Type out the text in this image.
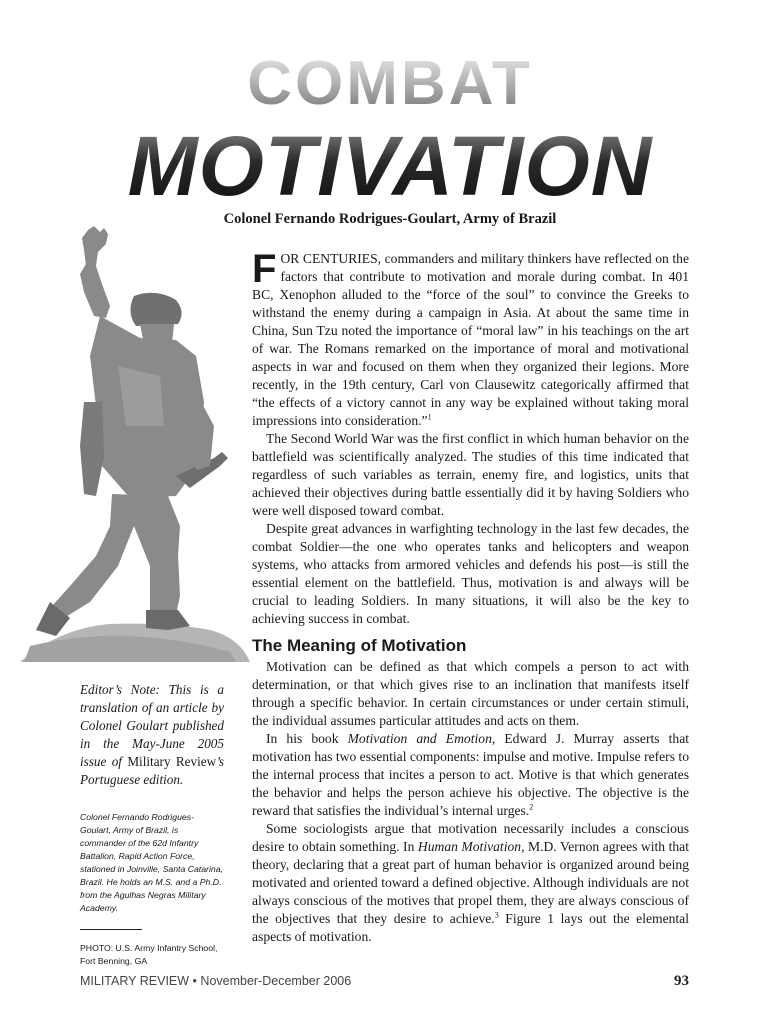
COMBAT
MOTIVATION
Colonel Fernando Rodrigues-Goulart, Army of Brazil

FOR CENTURIES, commanders and military thinkers have reflected on the factors that contribute to motivation and morale during combat. In 401 BC, Xenophon alluded to the “force of the soul” to convince the Greeks to withstand the enemy during a campaign in Asia. At about the same time in China, Sun Tzu noted the importance of “moral law” in his teachings on the art of war. The Romans remarked on the importance of moral and motivational aspects in war and focused on them when they organized their legions. More recently, in the 19th century, Carl von Clausewitz categorically affirmed that “the effects of a victory cannot in any way be explained without taking moral impressions into consideration.”$^1$

The Second World War was the first conflict in which human behavior on the battlefield was scientifically analyzed. The studies of this time indicated that regardless of such variables as terrain, enemy fire, and logistics, units that achieved their objectives during battle essentially did it by having Soldiers who were well disposed toward combat.

Despite great advances in warfighting technology in the last few decades, the combat Soldier—the one who operates tanks and helicopters and weapon systems, who attacks from armored vehicles and defends his post—is still the essential element on the battlefield. Thus, motivation is and always will be crucial to leading Soldiers. In many situations, it will also be the key to achieving success in combat.

The Meaning of Motivation

Motivation can be defined as that which compels a person to act with determination, or that which gives rise to an inclination that manifests itself through a specific behavior. In certain circumstances or under certain stimuli, the individual assumes particular attitudes and acts on them.

In his book Motivation and Emotion, Edward J. Murray asserts that motivation has two essential components: impulse and motive. Impulse refers to the internal process that incites a person to act. Motive is that which generates the behavior and helps the person achieve his objective. The objective is the reward that satisfies the individual’s internal urges.$^2$

Some sociologists argue that motivation necessarily includes a conscious desire to obtain something. In Human Motivation, M.D. Vernon agrees with that theory, declaring that a great part of human behavior is organized around being motivated and oriented toward a defined objective. Although individuals are not always conscious of the motives that propel them, they are always conscious of the objectives that they desire to achieve.$^3$ Figure 1 lays out the elemental aspects of motivation.

Editor’s Note: This is a translation of an article by Colonel Goulart published in the May-June 2005 issue of Military Review’s Portuguese edition.

Colonel Fernando Rodrigues-Goulart, Army of Brazil, is commander of the 62d Infantry Battalion, Rapid Action Force, stationed in Joinville, Santa Catarina, Brazil. He holds an M.S. and a Ph.D. from the Agulhas Negras Military Academy.

PHOTO: U.S. Army Infantry School, Fort Benning, GA

MILITARY REVIEW • November-December 2006	93
